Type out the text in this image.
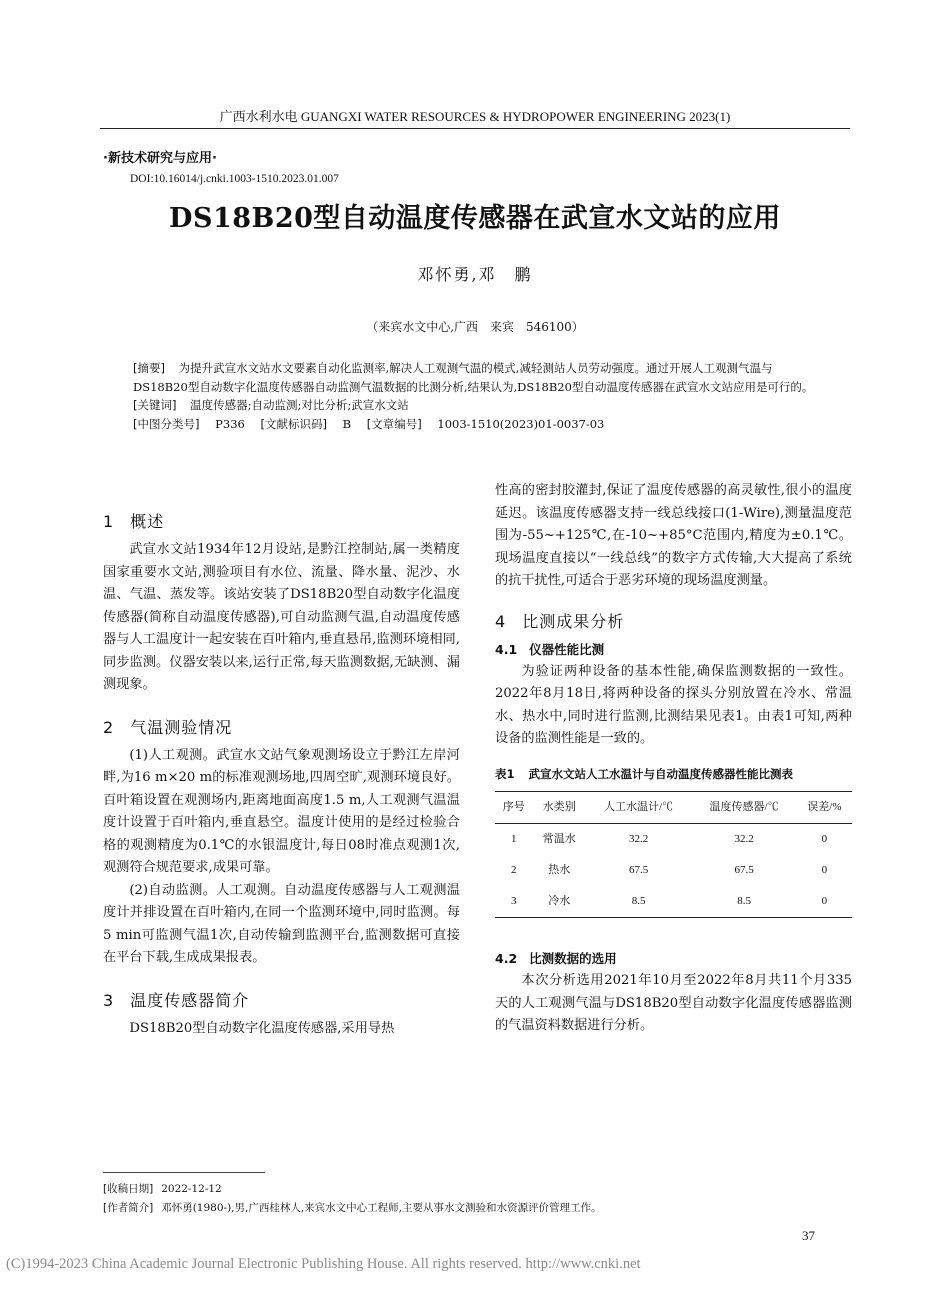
广西水利水电 GUANGXI WATER RESOURCES & HYDROPOWER ENGINEERING 2023(1)
·新技术研究与应用·
DOI:10.16014/j.cnki.1003-1510.2023.01.007
DS18B20型自动温度传感器在武宣水文站的应用
邓怀勇,邓　鹏
（来宾水文中心,广西　来宾　546100）
[摘要] 为提升武宣水文站水文要素自动化监测率,解决人工观测气温的模式,减轻测站人员劳动强度。通过开展人工观测气温与DS18B20型自动数字化温度传感器自动监测气温数据的比测分析,结果认为,DS18B20型自动温度传感器在武宣水文站应用是可行的。
[关键词] 温度传感器;自动监测;对比分析;武宣水文站
[中图分类号] P336 [文献标识码] B [文章编号] 1003-1510(2023)01-0037-03
1 概述

武宣水文站1934年12月设站,是黔江控制站,属一类精度国家重要水文站,测验项目有水位、流量、降水量、泥沙、水温、气温、蒸发等。该站安装了DS18B20型自动数字化温度传感器(简称自动温度传感器),可自动监测气温,自动温度传感器与人工温度计一起安装在百叶箱内,垂直悬吊,监测环境相同,同步监测。仪器安装以来,运行正常,每天监测数据,无缺测、漏测现象。

2 气温测验情况

(1)人工观测。武宣水文站气象观测场设立于黔江左岸河畔,为16 m×20 m的标准观测场地,四周空旷,观测环境良好。百叶箱设置在观测场内,距离地面高度1.5 m,人工观测气温温度计设置于百叶箱内,垂直悬空。温度计使用的是经过检验合格的观测精度为0.1℃的水银温度计,每日08时准点观测1次,观测符合规范要求,成果可靠。

(2)自动监测。人工观测。自动温度传感器与人工观测温度计并排设置在百叶箱内,在同一个监测环境中,同时监测。每5 min可监测气温1次,自动传输到监测平台,监测数据可直接在平台下载,生成成果报表。

3 温度传感器简介

DS18B20型自动数字化温度传感器,采用导热

性高的密封胶灌封,保证了温度传感器的高灵敏性,很小的温度延迟。该温度传感器支持一线总线接口(1-Wire),测量温度范围为-55~+125℃,在-10~+85°C范围内,精度为±0.1℃。现场温度直接以“一线总线”的数字方式传输,大大提高了系统的抗干扰性,可适合于恶劣环境的现场温度测量。

4 比测成果分析
4.1 仪器性能比测

为验证两种设备的基本性能,确保监测数据的一致性。2022年8月18日,将两种设备的探头分别放置在冷水、常温水、热水中,同时进行监测,比测结果见表1。由表1可知,两种设备的监测性能是一致的。

表1 武宣水文站人工水温计与自动温度传感器性能比测表
序号	水类别	人工水温计/℃	温度传感器/℃	误差/%
1	常温水	32.2	32.2	0
2	热水	67.5	67.5	0
3	冷水	8.5	8.5	0
4.2 比测数据的选用

本次分析选用2021年10月至2022年8月共11个月335天的人工观测气温与DS18B20型自动数字化温度传感器监测的气温资料数据进行分析。

[收稿日期] 2022-12-12
[作者简介] 邓怀勇(1980-),男,广西桂林人,来宾水文中心工程师,主要从事水文测验和水资源评价管理工作。
37
(C)1994-2023 China Academic Journal Electronic Publishing House. All rights reserved. http://www.cnki.net
